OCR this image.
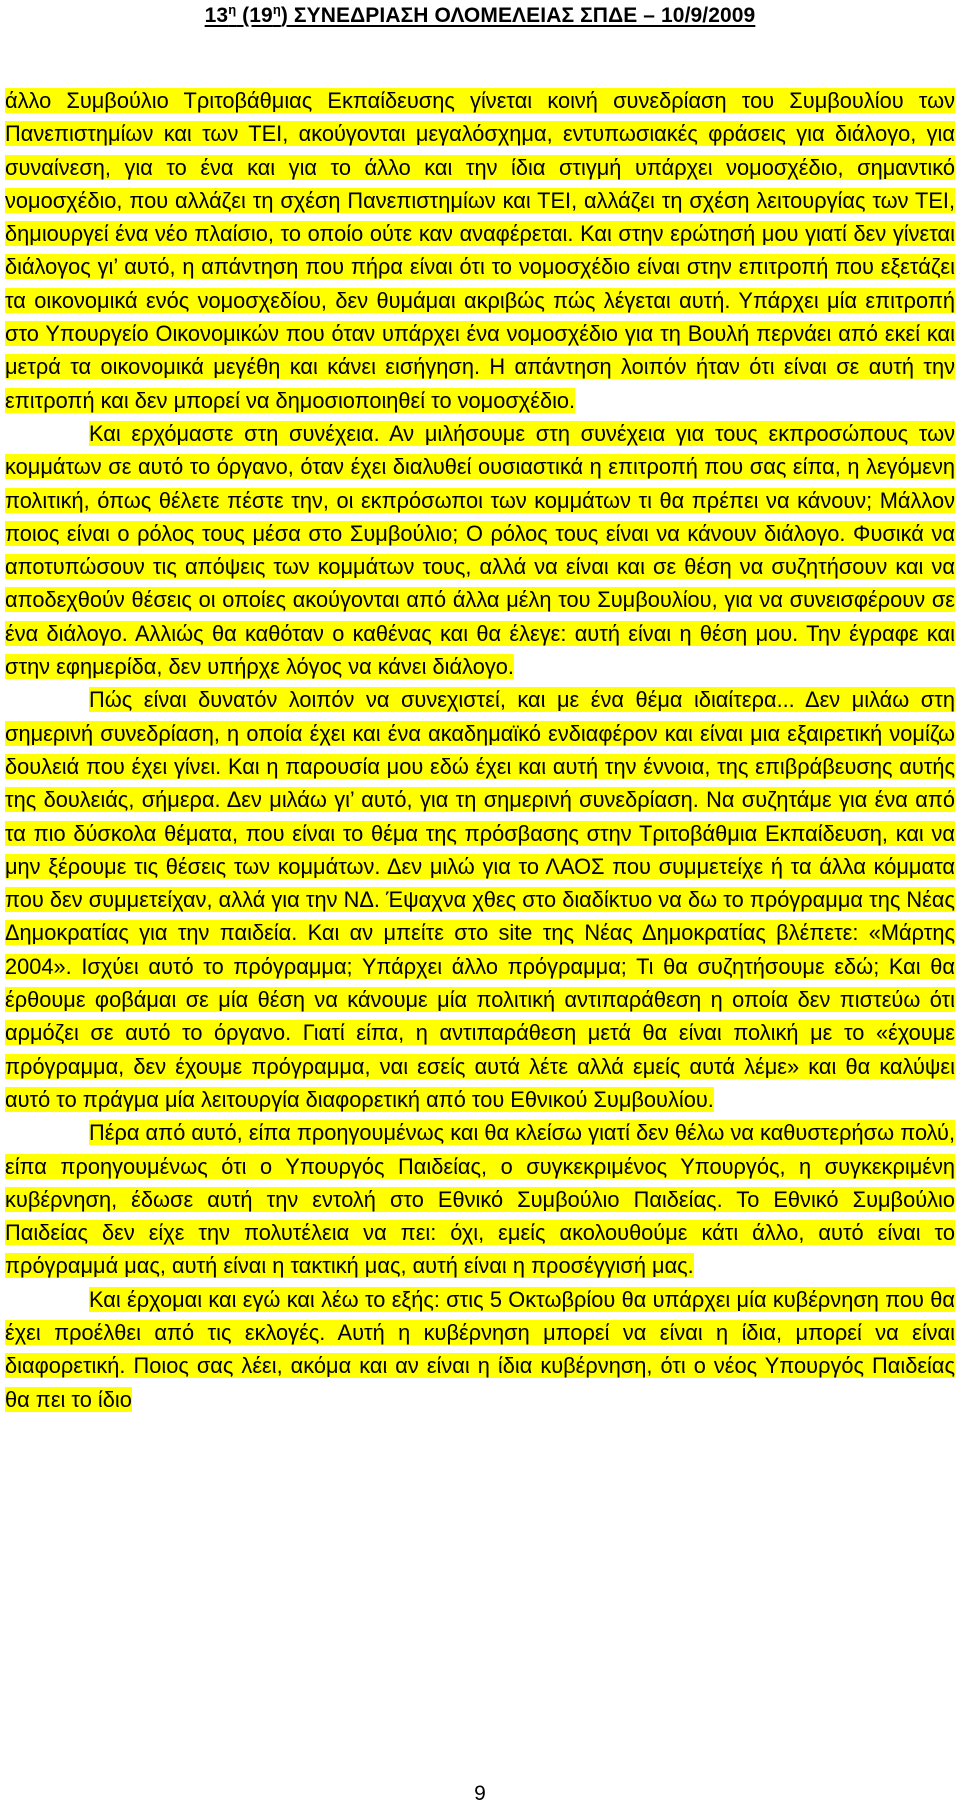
$13^\eta$ $(19^\eta)$ ΣΥΝΕΔΡΙΑΣΗ ΟΛΟΜΕΛΕΙΑΣ ΣΠΔΕ – 10/9/2009

άλλο Συμβούλιο Τριτοβάθμιας Εκπαίδευσης γίνεται κοινή συνεδρίαση του Συμβουλίου των Πανεπιστημίων και των ΤΕΙ, ακούγονται μεγαλόσχημα, εντυπωσιακές φράσεις για διάλογο, για συναίνεση, για το ένα και για το άλλο και την ίδια στιγμή υπάρχει νομοσχέδιο, σημαντικό νομοσχέδιο, που αλλάζει τη σχέση Πανεπιστημίων και ΤΕΙ, αλλάζει τη σχέση λειτουργίας των ΤΕΙ, δημιουργεί ένα νέο πλαίσιο, το οποίο ούτε καν αναφέρεται. Και στην ερώτησή μου γιατί δεν γίνεται διάλογος γι’ αυτό, η απάντηση που πήρα είναι ότι το νομοσχέδιο είναι στην επιτροπή που εξετάζει τα οικονομικά ενός νομοσχεδίου, δεν θυμάμαι ακριβώς πώς λέγεται αυτή. Υπάρχει μία επιτροπή στο Υπουργείο Οικονομικών που όταν υπάρχει ένα νομοσχέδιο για τη Βουλή περνάει από εκεί και μετρά τα οικονομικά μεγέθη και κάνει εισήγηση. Η απάντηση λοιπόν ήταν ότι είναι σε αυτή την επιτροπή και δεν μπορεί να δημοσιοποιηθεί το νομοσχέδιο.

Και ερχόμαστε στη συνέχεια. Αν μιλήσουμε στη συνέχεια για τους εκπροσώπους των κομμάτων σε αυτό το όργανο, όταν έχει διαλυθεί ουσιαστικά η επιτροπή που σας είπα, η λεγόμενη πολιτική, όπως θέλετε πέστε την, οι εκπρόσωποι των κομμάτων τι θα πρέπει να κάνουν; Μάλλον ποιος είναι ο ρόλος τους μέσα στο Συμβούλιο; Ο ρόλος τους είναι να κάνουν διάλογο. Φυσικά να αποτυπώσουν τις απόψεις των κομμάτων τους, αλλά να είναι και σε θέση να συζητήσουν και να αποδεχθούν θέσεις οι οποίες ακούγονται από άλλα μέλη του Συμβουλίου, για να συνεισφέρουν σε ένα διάλογο. Αλλιώς θα καθόταν ο καθένας και θα έλεγε: αυτή είναι η θέση μου. Την έγραφε και στην εφημερίδα, δεν υπήρχε λόγος να κάνει διάλογο.

Πώς είναι δυνατόν λοιπόν να συνεχιστεί, και με ένα θέμα ιδιαίτερα... Δεν μιλάω στη σημερινή συνεδρίαση, η οποία έχει και ένα ακαδημαϊκό ενδιαφέρον και είναι μια εξαιρετική νομίζω δουλειά που έχει γίνει. Και η παρουσία μου εδώ έχει και αυτή την έννοια, της επιβράβευσης αυτής της δουλειάς, σήμερα. Δεν μιλάω γι’ αυτό, για τη σημερινή συνεδρίαση. Να συζητάμε για ένα από τα πιο δύσκολα θέματα, που είναι το θέμα της πρόσβασης στην Τριτοβάθμια Εκπαίδευση, και να μην ξέρουμε τις θέσεις των κομμάτων. Δεν μιλώ για το ΛΑΟΣ που συμμετείχε ή τα άλλα κόμματα που δεν συμμετείχαν, αλλά για την ΝΔ. Έψαχνα χθες στο διαδίκτυο να δω το πρόγραμμα της Νέας Δημοκρατίας για την παιδεία. Και αν μπείτε στο site της Νέας Δημοκρατίας βλέπετε: «Μάρτης 2004». Ισχύει αυτό το πρόγραμμα; Υπάρχει άλλο πρόγραμμα; Τι θα συζητήσουμε εδώ; Και θα έρθουμε φοβάμαι σε μία θέση να κάνουμε μία πολιτική αντιπαράθεση η οποία δεν πιστεύω ότι αρμόζει σε αυτό το όργανο. Γιατί είπα, η αντιπαράθεση μετά θα είναι πολική με το «έχουμε πρόγραμμα, δεν έχουμε πρόγραμμα, ναι εσείς αυτά λέτε αλλά εμείς αυτά λέμε» και θα καλύψει αυτό το πράγμα μία λειτουργία διαφορετική από του Εθνικού Συμβουλίου.

Πέρα από αυτό, είπα προηγουμένως και θα κλείσω γιατί δεν θέλω να καθυστερήσω πολύ, είπα προηγουμένως ότι ο Υπουργός Παιδείας, ο συγκεκριμένος Υπουργός, η συγκεκριμένη κυβέρνηση, έδωσε αυτή την εντολή στο Εθνικό Συμβούλιο Παιδείας. Το Εθνικό Συμβούλιο Παιδείας δεν είχε την πολυτέλεια να πει: όχι, εμείς ακολουθούμε κάτι άλλο, αυτό είναι το πρόγραμμά μας, αυτή είναι η τακτική μας, αυτή είναι η προσέγγισή μας.

Και έρχομαι και εγώ και λέω το εξής: στις 5 Οκτωβρίου θα υπάρχει μία κυβέρνηση που θα έχει προέλθει από τις εκλογές. Αυτή η κυβέρνηση μπορεί να είναι η ίδια, μπορεί να είναι διαφορετική. Ποιος σας λέει, ακόμα και αν είναι η ίδια κυβέρνηση, ότι ο νέος Υπουργός Παιδείας θα πει το ίδιο

9
